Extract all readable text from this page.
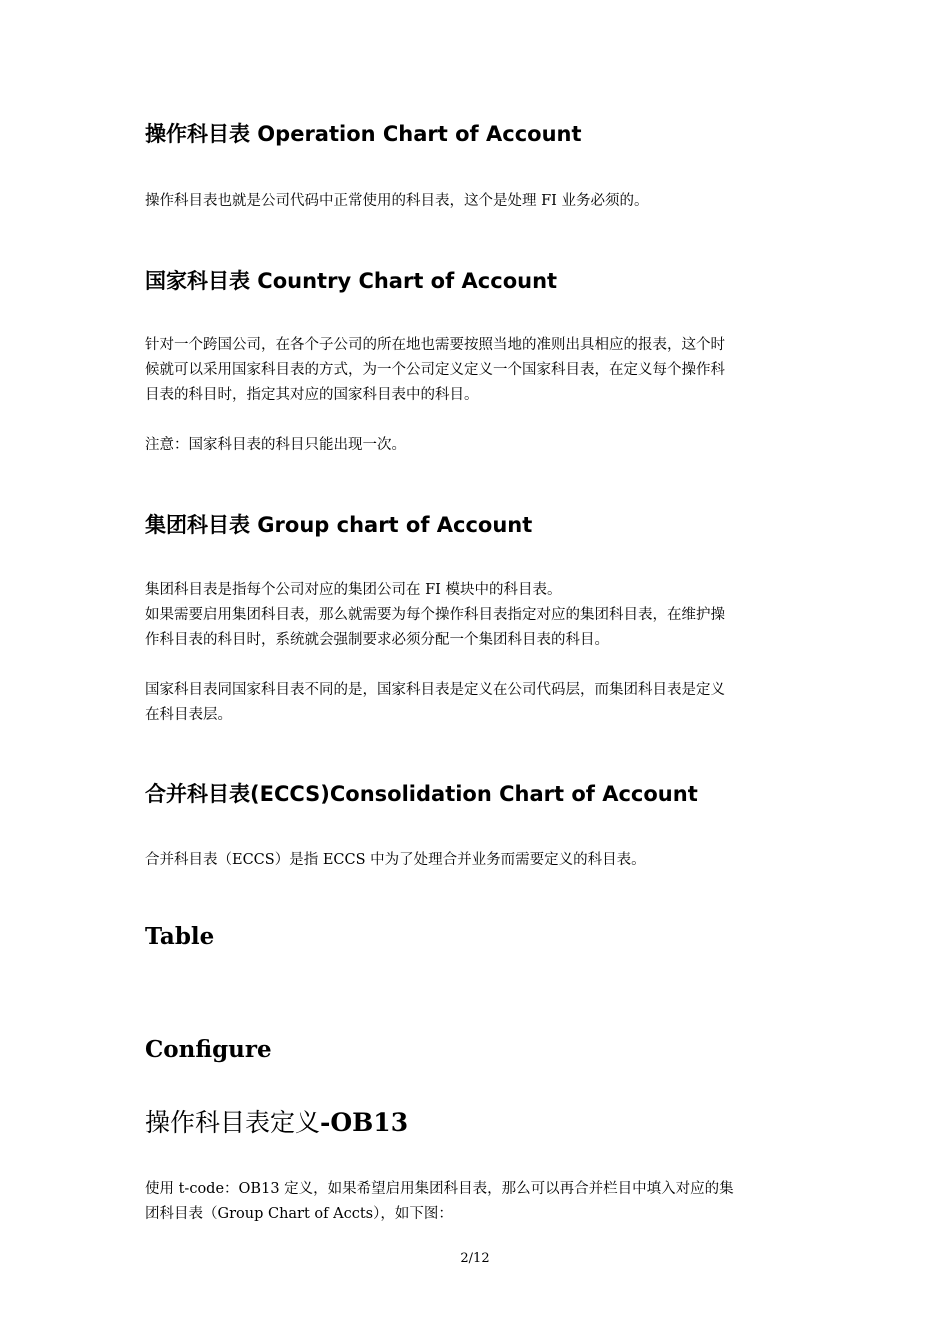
操作科目表 Operation Chart of Account
操作科目表也就是公司代码中正常使用的科目表，这个是处理 FI 业务必须的。
国家科目表 Country Chart of Account
针对一个跨国公司，在各个子公司的所在地也需要按照当地的准则出具相应的报表，这个时
候就可以采用国家科目表的方式，为一个公司定义定义一个国家科目表，在定义每个操作科
目表的科目时，指定其对应的国家科目表中的科目。
注意：国家科目表的科目只能出现一次。
集团科目表 Group chart of Account
集团科目表是指每个公司对应的集团公司在 FI 模块中的科目表。
如果需要启用集团科目表，那么就需要为每个操作科目表指定对应的集团科目表，在维护操
作科目表的科目时，系统就会强制要求必须分配一个集团科目表的科目。
国家科目表同国家科目表不同的是，国家科目表是定义在公司代码层，而集团科目表是定义
在科目表层。
合并科目表(ECCS)Consolidation Chart of Account
合并科目表（ECCS）是指 ECCS 中为了处理合并业务而需要定义的科目表。
Table
Configure
操作科目表定义-OB13
使用 t-code：OB13 定义，如果希望启用集团科目表，那么可以再合并栏目中填入对应的集
团科目表（Group Chart of Accts），如下图：
2/12
